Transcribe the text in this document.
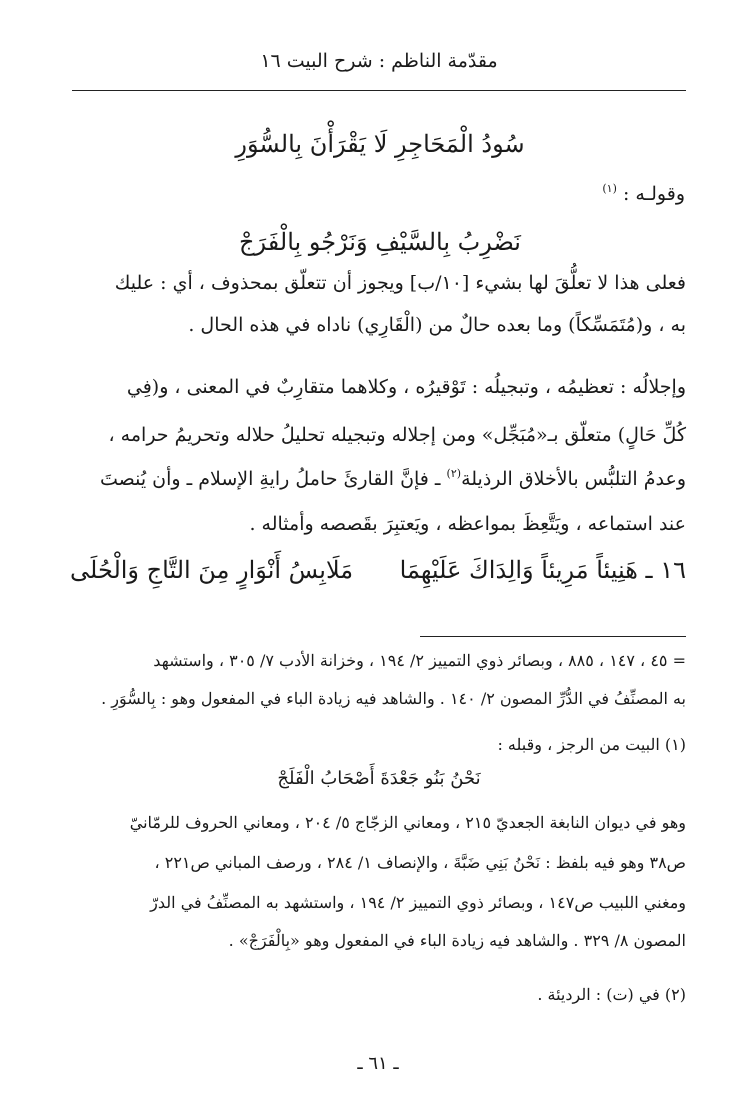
مقدّمة الناظم : شرح البيت ١٦
سُودُ الْمَحَاجِرِ لَا يَقْرَأْنَ بِالسُّوَرِ
وقولـه : $^{(١)}$
نَضْرِبُ بِالسَّيْفِ وَنَرْجُو بِالْفَرَجْ
فعلى هذا لا تعلُّقَ لها بشيء [١٠/ب] ويجوز أن تتعلّق بمحذوف ، أي : عليك
به ، و(مُتَمَسِّكاً) وما بعده حالٌ من (الْقَارِي) ناداه في هذه الحال .
وإجلالُه : تعظيمُه ، وتبجيلُه : تَوْقيرُه ، وكلاهما متقارِبٌ في المعنى ، و(فِي
كُلِّ حَالٍ) متعلّق بـ«مُبَجِّل» ومن إجلاله وتبجيله تحليلُ حلاله وتحريمُ حرامه ،
وعدمُ التلبُّس بالأخلاق الرذيلة$^{(٢)}$ ـ فإنَّ القارئَ حاملُ رايةِ الإسلام ـ وأن يُنصتَ
عند استماعه ، ويَتَّعِظَ بمواعظه ، ويَعتبِرَ بقَصصه وأمثاله .
١٦ ـ هَنِيئاً مَرِيئاً وَالِدَاكَ عَلَيْهِمَا
مَلَابِسُ أَنْوَارٍ مِنَ التَّاجِ وَالْحُلَى
= ٤٥ ، ١٤٧ ، ٨٨٥ ، وبصائر ذوي التمييز ٢/ ١٩٤ ، وخزانة الأدب ٧/ ٣٠٥ ، واستشهد
به المصنِّفُ في الدُّرِّ المصون ٢/ ١٤٠ . والشاهد فيه زيادة الباء في المفعول وهو : بِالسُّوَرِ .
(١) البيت من الرجز ، وقبله :
نَحْنُ بَنُو جَعْدَةَ أَصْحَابُ الْفَلَجْ
وهو في ديوان النابغة الجعديّ ٢١٥ ، ومعاني الزجّاج ٥/ ٢٠٤ ، ومعاني الحروف للرمّانيّ
ص٣٨ وهو فيه بلفظ : نَحْنُ بَنِي ضَبَّةَ ، والإنصاف ١/ ٢٨٤ ، ورصف المباني ص٢٢١ ،
ومغني اللبيب ص١٤٧ ، وبصائر ذوي التمييز ٢/ ١٩٤ ، واستشهد به المصنِّفُ في الدرّ
المصون ٨/ ٣٢٩ . والشاهد فيه زيادة الباء في المفعول وهو «بِالْفَرَجْ» .
(٢) في (ت) : الرديئة .
ـ ٦١ ـ
